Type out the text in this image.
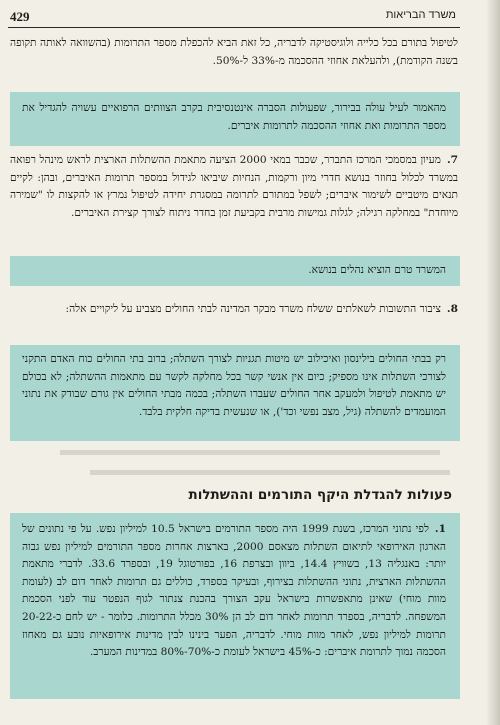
429	משרד הבריאות

לטיפול בתורם בכל כלייה ולוגיסטיקה לדבריה, כל זאת הביא להכפלת מספר התרומות (בהשוואה לאותה תקופה בשנה הקודמת), ולהעלאת אחוזי ההסכמה מ-33% ל-50%.

מהאמור לעיל עולה בבירור, שפעולות הסברה אינטנסיבית בקרב הצוותים הרפואיים עשויה להגדיל את מספר התרומות ואת אחוזי ההסכמה לתרומות איברים.

7.מעיון במסמכי המרכז התברר, שכבר במאי 2000 הציעה מתאמת ההשתלות הארצית לראש מינהל רפואה במשרד לכלול בחוזר בנושא חדרי מיון ורקמות, הנחיות שיביאו לגידול במספר תרומות האיברים, ובהן: לקיים תנאים מיטביים לשימור איברים; לשפל במתורם לתרומה במסגרת יחידה לטיפול נמרץ או להקצות לו "שמירה מיוחדת" במחלקה רגילה; לגלות גמישות מרבית בקביעת זמן בחדר ניתוח לצורך קצירת האיברים.

המשרד טרם הוציא נהלים בנושא.

8.ציבור התשובות לשאלתים ששלח משרד מבקר המדינה לבתי החולים מצביע על ליקויים אלה:

רק בבתי החולים בילינסון ואיכילוב יש מיטות תגניות לצורך השתלה; ברוב בתי החולים כוח האדם התקני לצורכי השתלות אינו מספיק; כיום אין אנשי קשר בכל מחלקה לקשר עם מתאמות ההשתלה; לא בכולם יש מתאמת לטיפול ולמעקב אחר החולים שעברו השתלה; בכמה מבתי החולים אין גורם שבודק את נתוני המועמדים להשתלה (גיל, מצב נפשי וכד'), או שנעשית בדיקה חלקית בלבד.
פעולות להגדלת היקף התורמים וההשתלות
1.לפי נתוני המרכז, בשנת 1999 היה מספר התורמים בישראל 10.5 למיליון נפש. על פי נתונים של הארגון האירופאי לתיאום השתלות מצאסם 2000, בארצות אחרות מספר התורמים למיליון נפש גבוה יותר: באנגליה 13, בשוויץ 14.4, ביוון ובצרפת 16, בפורטוגל 19, ובספרד 33.6. לדברי מתאמת ההשתלות הארצית, נתוני ההשתלות בצירוף, ובעיקר בספרד, כוללים גם תרומות לאחר דום לב (לעומת מוות מוחי) שאינן מתאפשרות בישראל עקב הצורך בהכנת צנתור לגוף הנפטר עוד לפני הסכמת המשפחה. לדבריה, בספרד תרומות לאחר דום לב הן 30% מכלל התרומות. כלומר - יש לחם כ-20-22 תרומות למיליון נפש, לאחר מוות מוחי. לדבריה, הפער בינינו לבין מדינות אירופאיות נובע גם מאחוז הסכמה נמוך לתרומת איברים: כ-45% בישראל לעומת כ-70%-80% במדינות המערב.
